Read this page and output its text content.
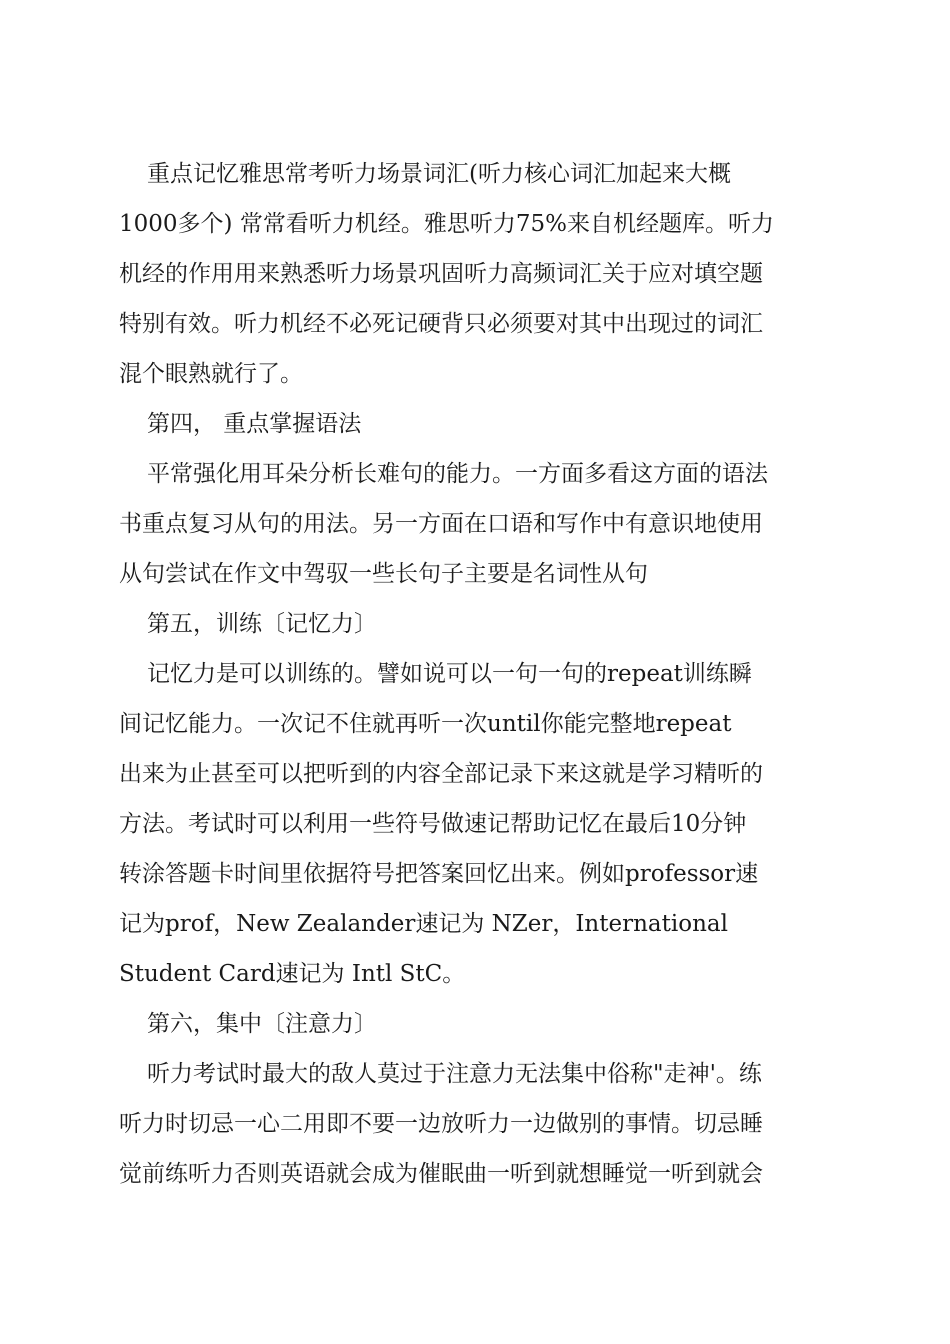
重点记忆雅思常考听力场景词汇(听力核心词汇加起来大概
1000多个) 常常看听力机经。雅思听力75%来自机经题库。听力
机经的作用用来熟悉听力场景巩固听力高频词汇关于应对填空题
特别有效。听力机经不必死记硬背只必须要对其中出现过的词汇
混个眼熟就行了。
第四， 重点掌握语法
平常强化用耳朵分析长难句的能力。一方面多看这方面的语法
书重点复习从句的用法。另一方面在口语和写作中有意识地使用
从句尝试在作文中驾驭一些长句子主要是名词性从句
第五，训练〔记忆力〕
记忆力是可以训练的。譬如说可以一句一句的repeat训练瞬
间记忆能力。一次记不住就再听一次until你能完整地repeat
出来为止甚至可以把听到的内容全部记录下来这就是学习精听的
方法。考试时可以利用一些符号做速记帮助记忆在最后10分钟
转涂答题卡时间里依据符号把答案回忆出来。例如professor速
记为prof，New Zealander速记为 NZer，International
Student Card速记为 Intl StC。
第六，集中〔注意力〕
听力考试时最大的敌人莫过于注意力无法集中俗称"走神'。练
听力时切忌一心二用即不要一边放听力一边做别的事情。切忌睡
觉前练听力否则英语就会成为催眠曲一听到就想睡觉一听到就会
